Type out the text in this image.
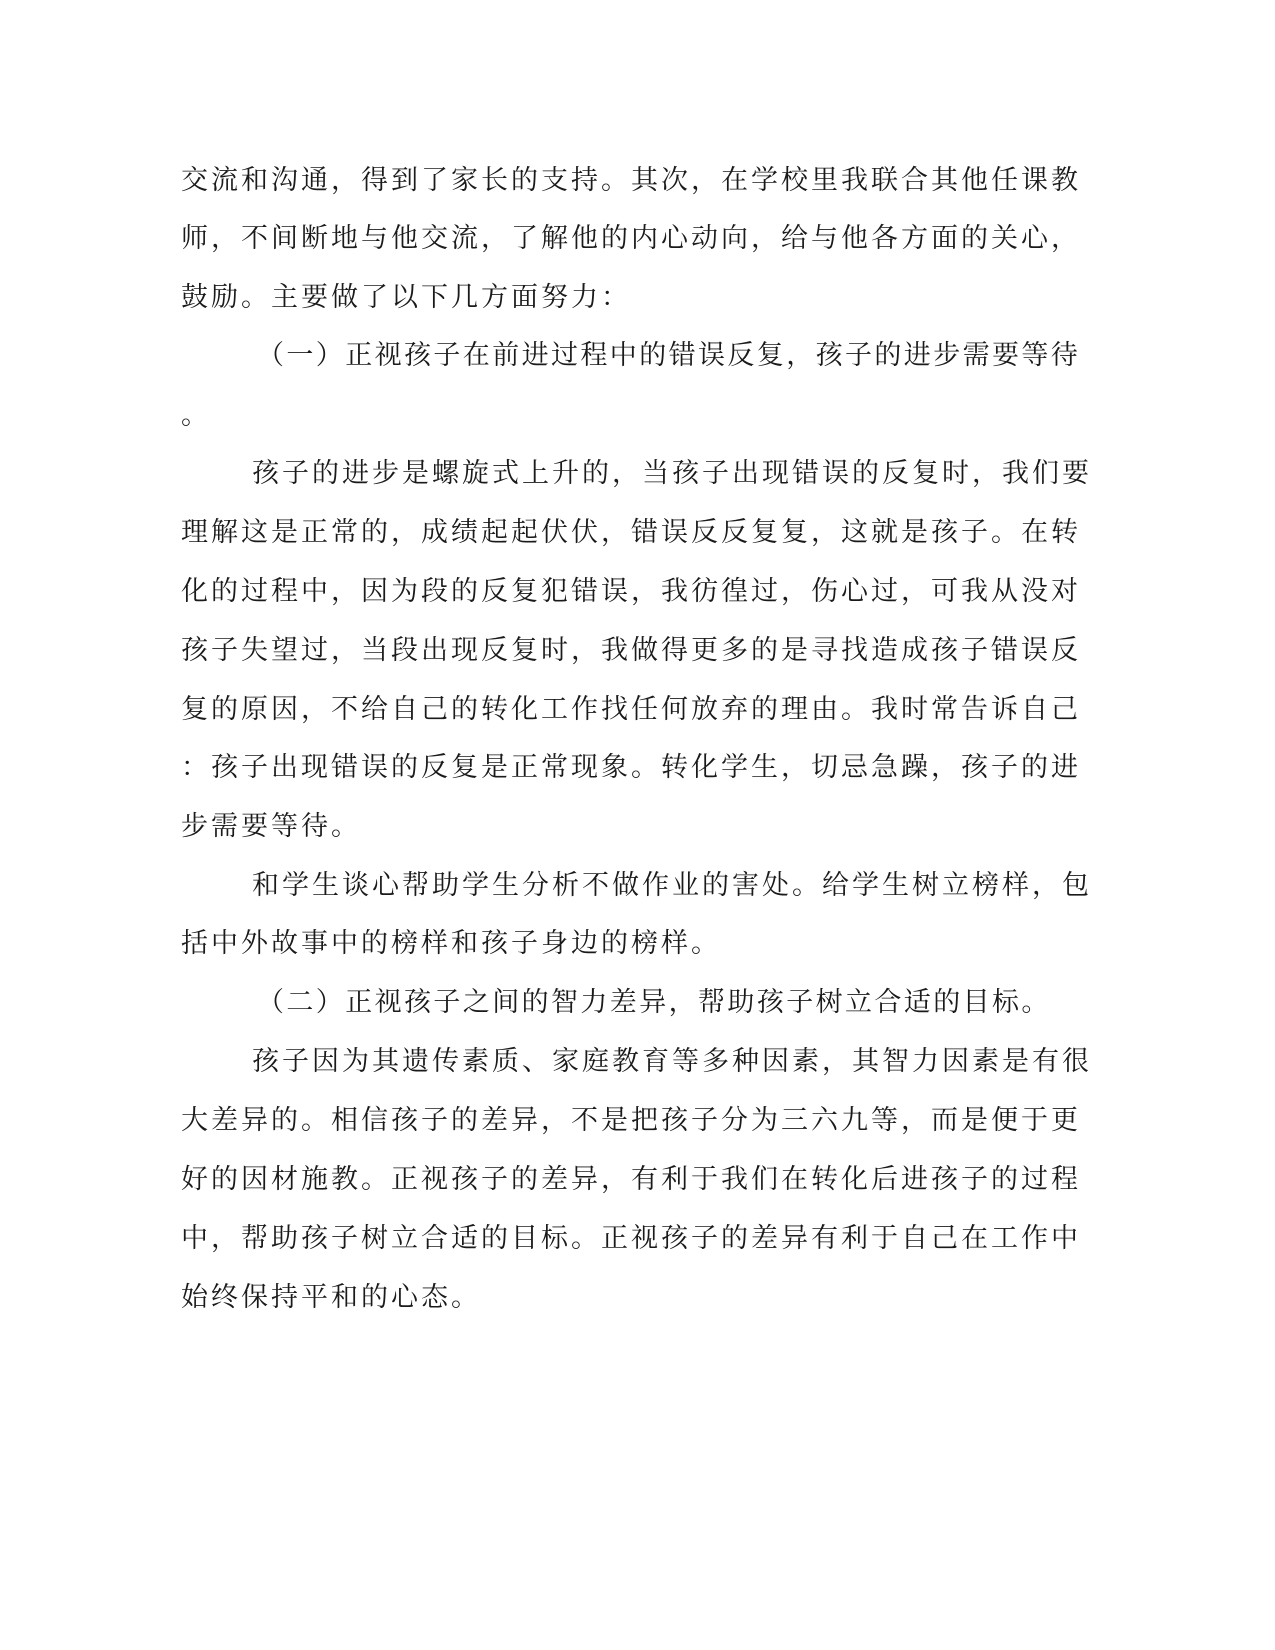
交流和沟通，得到了家长的支持。其次，在学校里我联合其他任课教
师，不间断地与他交流，了解他的内心动向，给与他各方面的关心，
鼓励。主要做了以下几方面努力：
（一）正视孩子在前进过程中的错误反复，孩子的进步需要等待
。
孩子的进步是螺旋式上升的，当孩子出现错误的反复时，我们要
理解这是正常的，成绩起起伏伏，错误反反复复，这就是孩子。在转
化的过程中，因为段的反复犯错误，我彷徨过，伤心过，可我从没对
孩子失望过，当段出现反复时，我做得更多的是寻找造成孩子错误反
复的原因，不给自己的转化工作找任何放弃的理由。我时常告诉自己
：孩子出现错误的反复是正常现象。转化学生，切忌急躁，孩子的进
步需要等待。
和学生谈心帮助学生分析不做作业的害处。给学生树立榜样，包
括中外故事中的榜样和孩子身边的榜样。
（二）正视孩子之间的智力差异，帮助孩子树立合适的目标。
孩子因为其遗传素质、家庭教育等多种因素，其智力因素是有很
大差异的。相信孩子的差异，不是把孩子分为三六九等，而是便于更
好的因材施教。正视孩子的差异，有利于我们在转化后进孩子的过程
中，帮助孩子树立合适的目标。正视孩子的差异有利于自己在工作中
始终保持平和的心态。
